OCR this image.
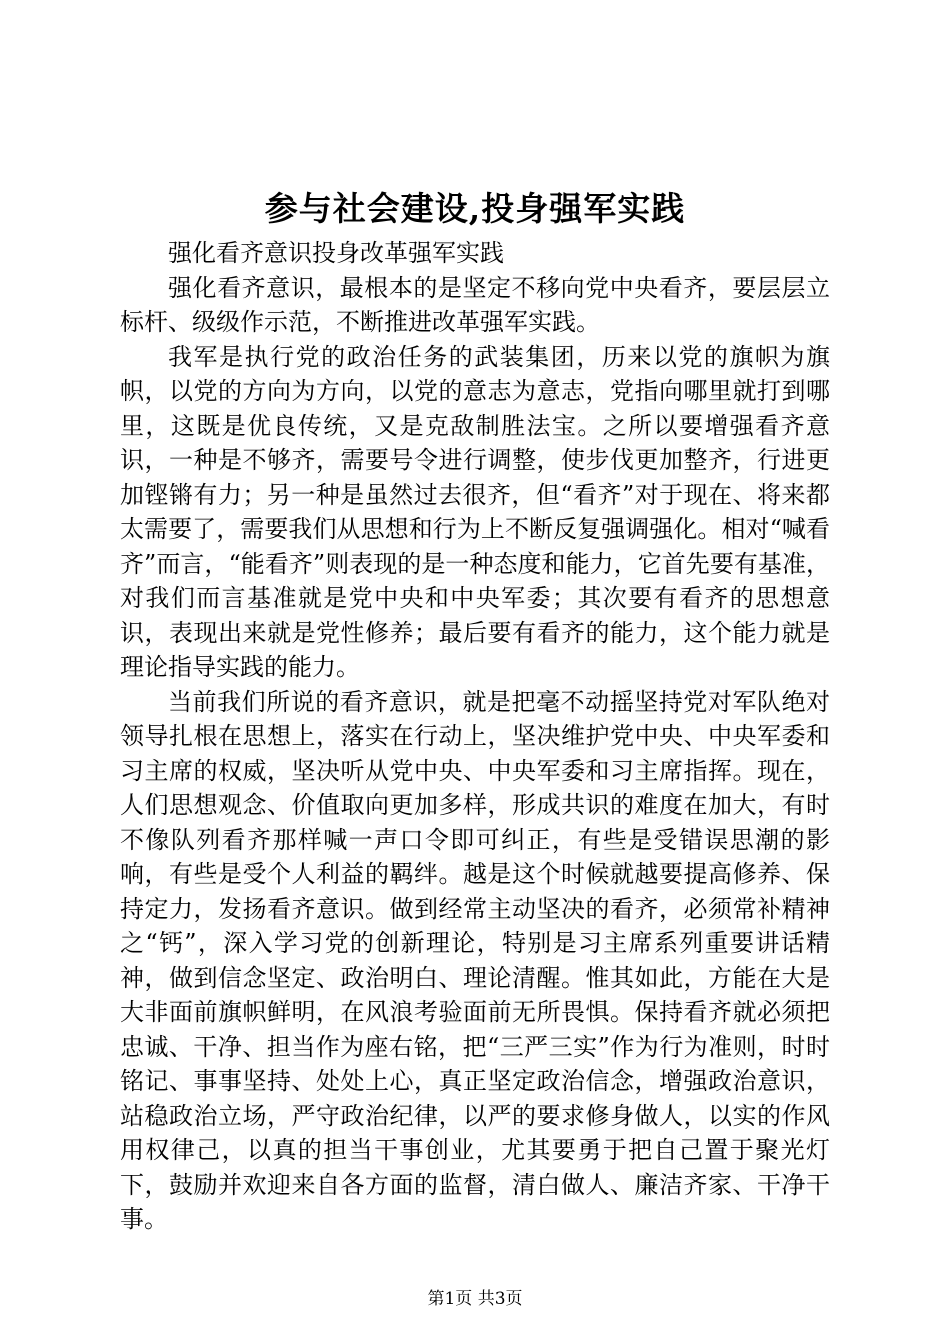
参与社会建设,投身强军实践

强化看齐意识投身改革强军实践

强化看齐意识，最根本的是坚定不移向党中央看齐，要层层立标杆、级级作示范，不断推进改革强军实践。

我军是执行党的政治任务的武装集团，历来以党的旗帜为旗帜，以党的方向为方向，以党的意志为意志，党指向哪里就打到哪里，这既是优良传统，又是克敌制胜法宝。之所以要增强看齐意识，一种是不够齐，需要号令进行调整，使步伐更加整齐，行进更加铿锵有力；另一种是虽然过去很齐，但“看齐”对于现在、将来都太需要了，需要我们从思想和行为上不断反复强调强化。相对“喊看齐”而言，“能看齐”则表现的是一种态度和能力，它首先要有基准，对我们而言基准就是党中央和中央军委；其次要有看齐的思想意识，表现出来就是党性修养；最后要有看齐的能力，这个能力就是理论指导实践的能力。

当前我们所说的看齐意识，就是把毫不动摇坚持党对军队绝对领导扎根在思想上，落实在行动上，坚决维护党中央、中央军委和习主席的权威，坚决听从党中央、中央军委和习主席指挥。现在，人们思想观念、价值取向更加多样，形成共识的难度在加大，有时不像队列看齐那样喊一声口令即可纠正，有些是受错误思潮的影响，有些是受个人利益的羁绊。越是这个时候就越要提高修养、保持定力，发扬看齐意识。做到经常主动坚决的看齐，必须常补精神之“钙”，深入学习党的创新理论，特别是习主席系列重要讲话精神，做到信念坚定、政治明白、理论清醒。惟其如此，方能在大是大非面前旗帜鲜明，在风浪考验面前无所畏惧。保持看齐就必须把忠诚、干净、担当作为座右铭，把“三严三实”作为行为准则，时时铭记、事事坚持、处处上心，真正坚定政治信念，增强政治意识，站稳政治立场，严守政治纪律，以严的要求修身做人，以实的作风用权律己，以真的担当干事创业，尤其要勇于把自己置于聚光灯下，鼓励并欢迎来自各方面的监督，清白做人、廉洁齐家、干净干事。

第1页 共3页
